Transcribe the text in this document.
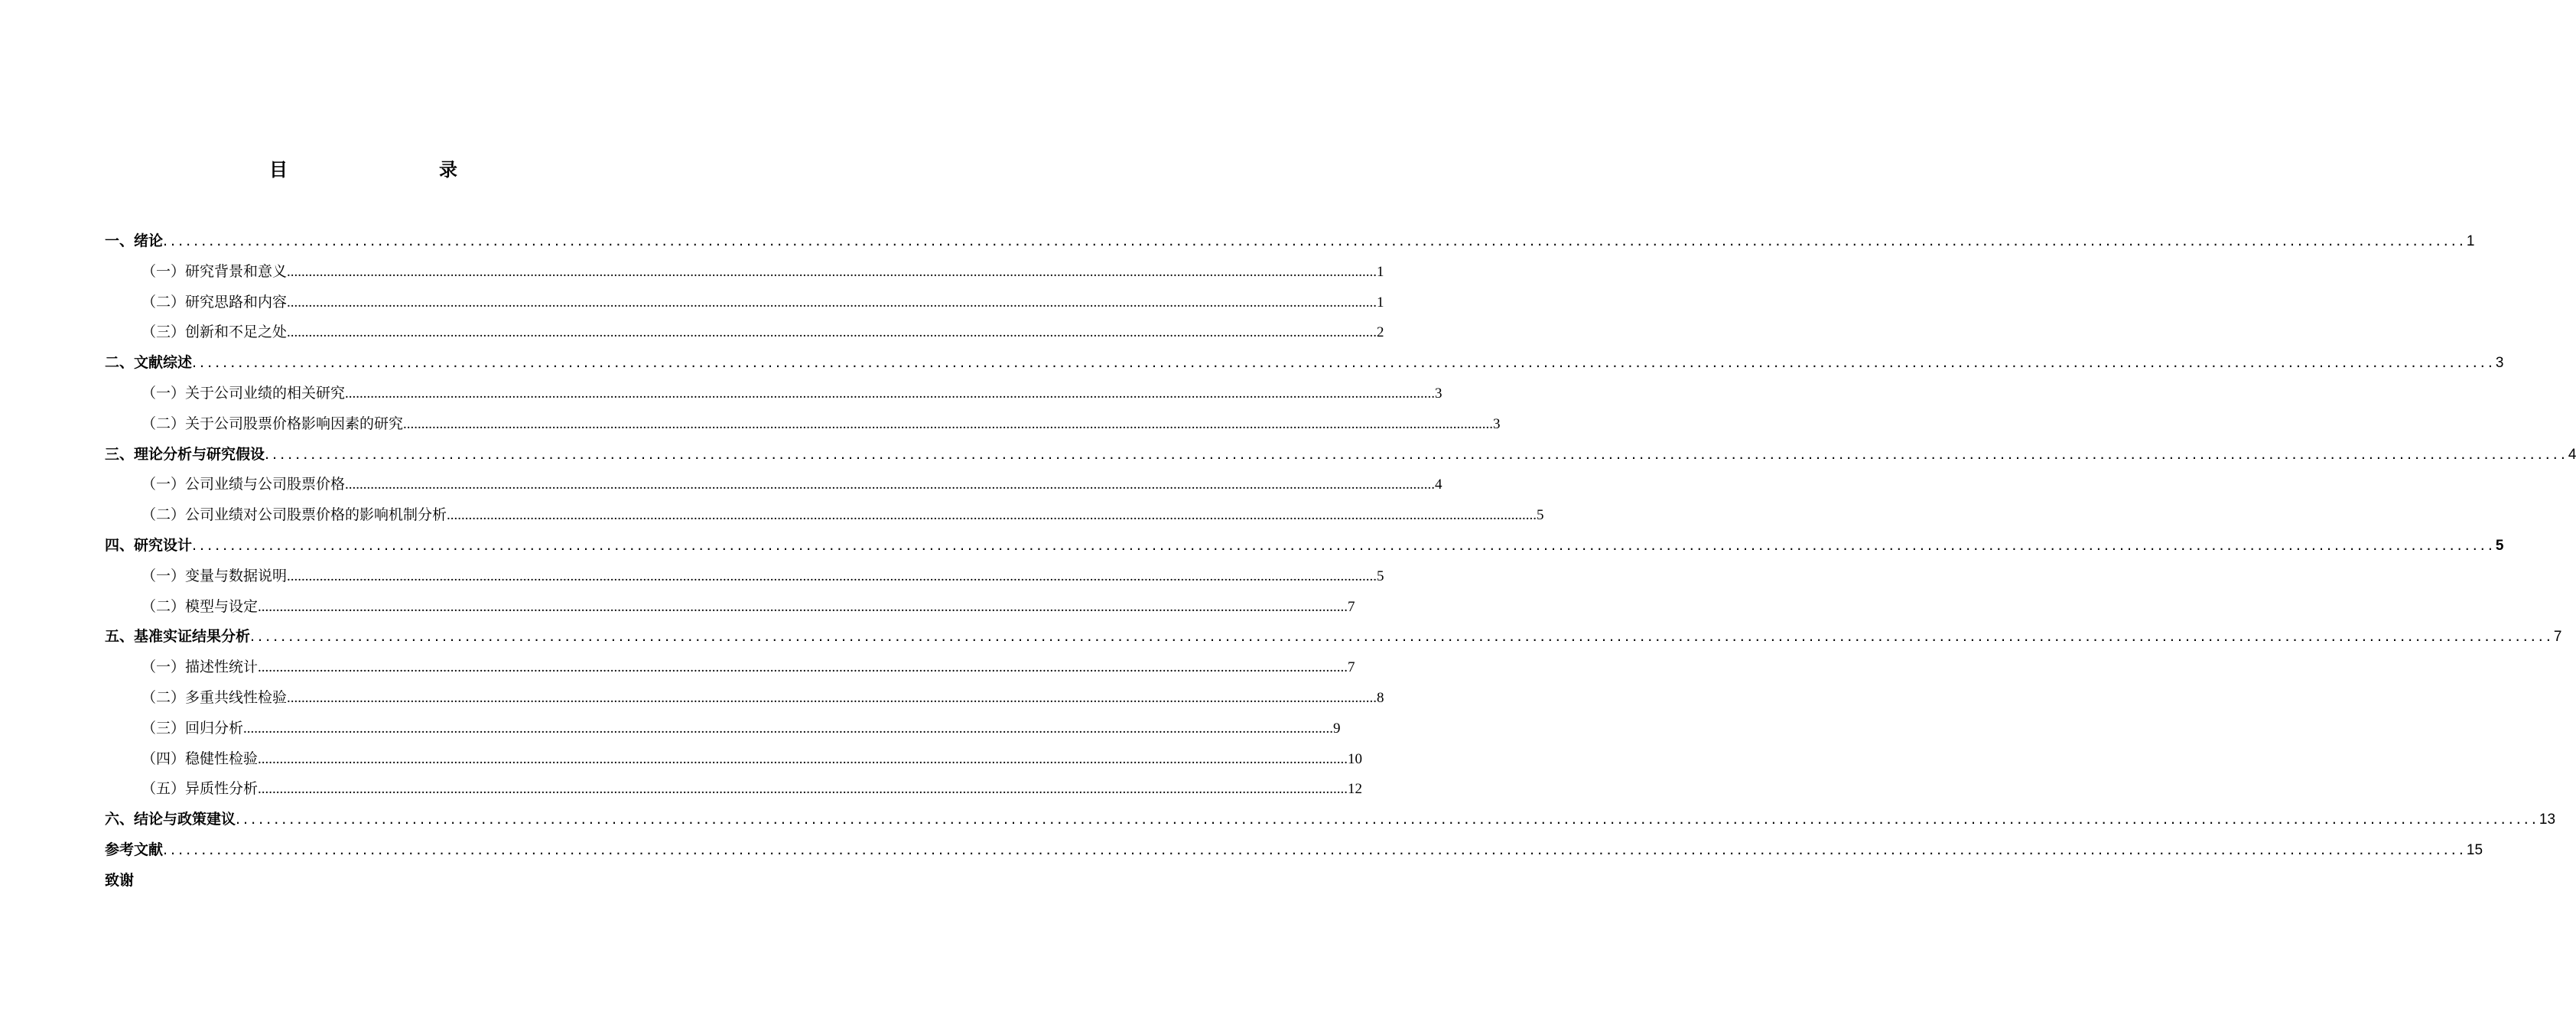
目　　录
一、绪论 ............................................................................................................................................................................................................................................................................................................ 1
（一）研究背景和意义 ............................................................................................................................................................................................................................................................................................................ 1
（二）研究思路和内容 ............................................................................................................................................................................................................................................................................................................ 1
（三）创新和不足之处 ............................................................................................................................................................................................................................................................................................................ 2
二、文献综述 ............................................................................................................................................................................................................................................................................................................ 3
（一）关于公司业绩的相关研究 ............................................................................................................................................................................................................................................................................................................ 3
（二）关于公司股票价格影响因素的研究 ............................................................................................................................................................................................................................................................................................................ 3
三、理论分析与研究假设 ............................................................................................................................................................................................................................................................................................................ 4
（一）公司业绩与公司股票价格 ............................................................................................................................................................................................................................................................................................................ 4
（二）公司业绩对公司股票价格的影响机制分析 ............................................................................................................................................................................................................................................................................................................ 5
四、研究设计 ............................................................................................................................................................................................................................................................................................................ 5
（一）变量与数据说明 ............................................................................................................................................................................................................................................................................................................ 5
（二）模型与设定 ............................................................................................................................................................................................................................................................................................................ 7
五、基准实证结果分析 ............................................................................................................................................................................................................................................................................................................ 7
（一）描述性统计 ............................................................................................................................................................................................................................................................................................................ 7
（二）多重共线性检验 ............................................................................................................................................................................................................................................................................................................ 8
（三）回归分析 ............................................................................................................................................................................................................................................................................................................ 9
（四）稳健性检验 ............................................................................................................................................................................................................................................................................................................ 10
（五）异质性分析 ............................................................................................................................................................................................................................................................................................................ 12
六、结论与政策建议 ............................................................................................................................................................................................................................................................................................................ 13
参考文献 ............................................................................................................................................................................................................................................................................................................ 15
致谢
